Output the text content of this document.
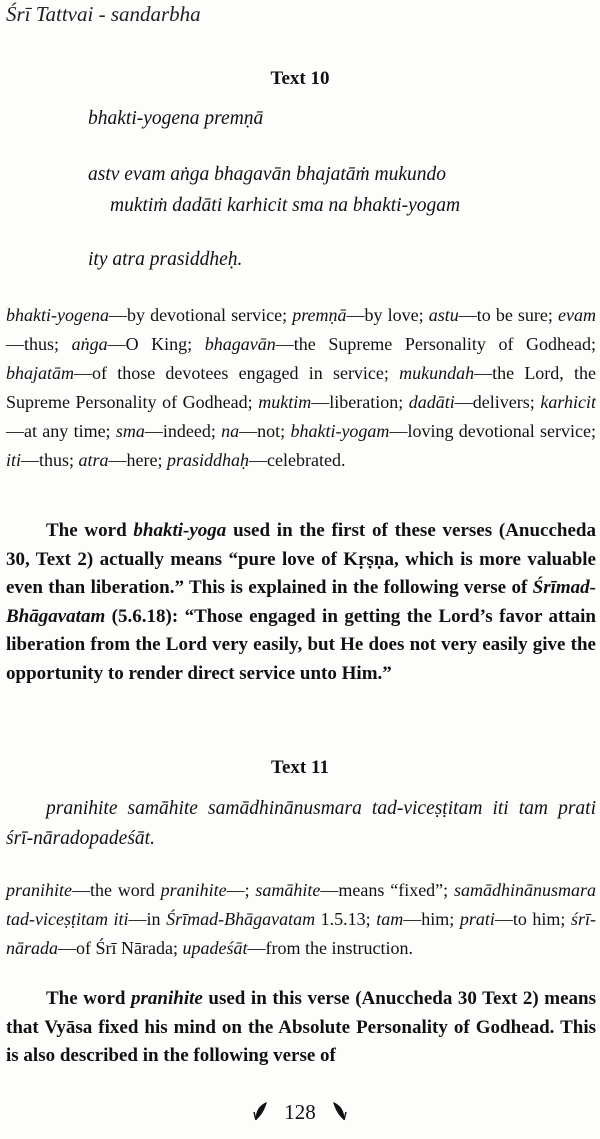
Śrī Tattvai - sandarbha
Text 10
bhakti-yogena premṇā
astv evam aṅga bhagavān bhajatāṁ mukundo
muktiṁ dadāti karhicit sma na bhakti-yogam
ity atra prasiddheḥ.
bhakti-yogena—by devotional service; premṇā—by love; astu—to be sure; evam—thus; aṅga—O King; bhagavān—the Supreme Personality of Godhead; bhajatām—of those devotees engaged in service; mukundah—the Lord, the Supreme Personality of Godhead; muktim—liberation; dadāti—delivers; karhicit—at any time; sma—indeed; na—not; bhakti-yogam—loving devotional service; iti—thus; atra—here; prasiddhaḥ—celebrated.
The word bhakti-yoga used in the first of these verses (Anuccheda 30, Text 2) actually means “pure love of Kṛṣṇa, which is more valuable even than liberation.” This is explained in the following verse of Śrīmad-Bhāgavatam (5.6.18): “Those engaged in getting the Lord’s favor attain liberation from the Lord very easily, but He does not very easily give the opportunity to render direct service unto Him.”
Text 11
pranihite samāhite samādhinānusmara tad-viceṣṭitam iti tam prati śrī-nāradopadeśāt.
pranihite—the word pranihite—; samāhite—means “fixed”; samādhinānusmara tad-viceṣṭitam iti—in Śrīmad-Bhāgavatam 1.5.13; tam—him; prati—to him; śrī-nārada—of Śrī Nārada; upadeśāt—from the instruction.
The word pranihite used in this verse (Anuccheda 30 Text 2) means that Vyāsa fixed his mind on the Absolute Personality of Godhead. This is also described in the following verse of
128
